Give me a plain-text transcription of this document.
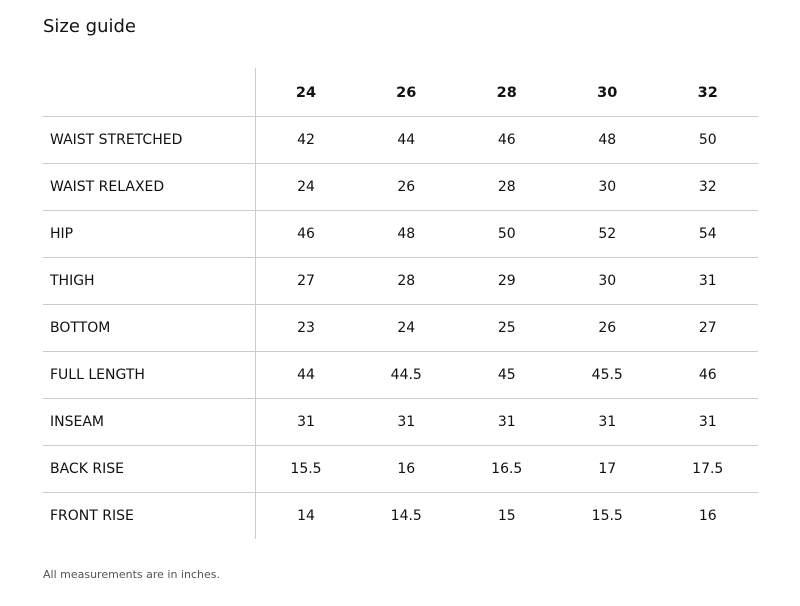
Size guide
	24	26	28	30	32
WAIST STRETCHED	42	44	46	48	50
WAIST RELAXED	24	26	28	30	32
HIP	46	48	50	52	54
THIGH	27	28	29	30	31
BOTTOM	23	24	25	26	27
FULL LENGTH	44	44.5	45	45.5	46
INSEAM	31	31	31	31	31
BACK RISE	15.5	16	16.5	17	17.5
FRONT RISE	14	14.5	15	15.5	16

All measurements are in inches.
